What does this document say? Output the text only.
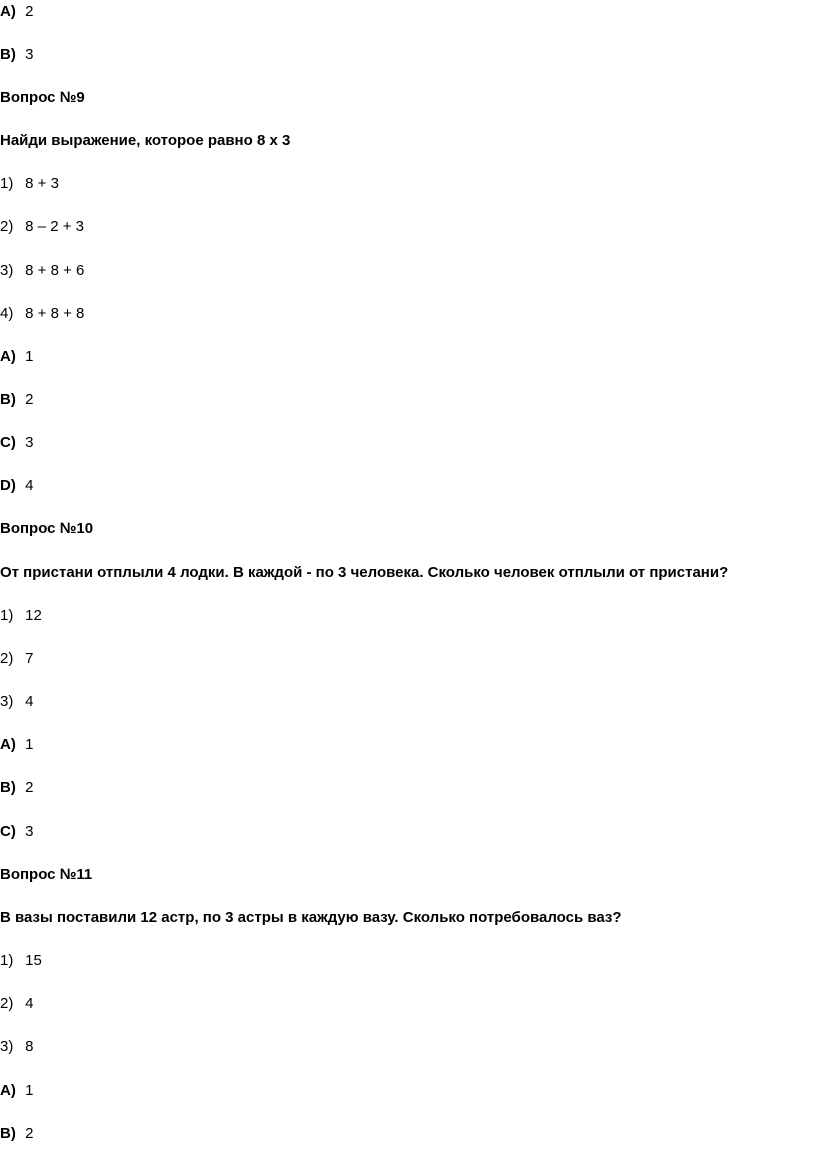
A) 2
B) 3
Вопрос №9
Найди выражение, которое равно 8 х 3
1) 8 + 3
2) 8 – 2 + 3
3) 8 + 8 + 6
4) 8 + 8 + 8
A) 1
B) 2
C) 3
D) 4
Вопрос №10
От пристани отплыли 4 лодки. В каждой - по 3 человека. Сколько человек отплыли от пристани?
1) 12
2) 7
3) 4
A) 1
B) 2
C) 3
Вопрос №11
В вазы поставили 12 астр, по 3 астры в каждую вазу. Сколько потребовалось ваз?
1) 15
2) 4
3) 8
A) 1
B) 2
